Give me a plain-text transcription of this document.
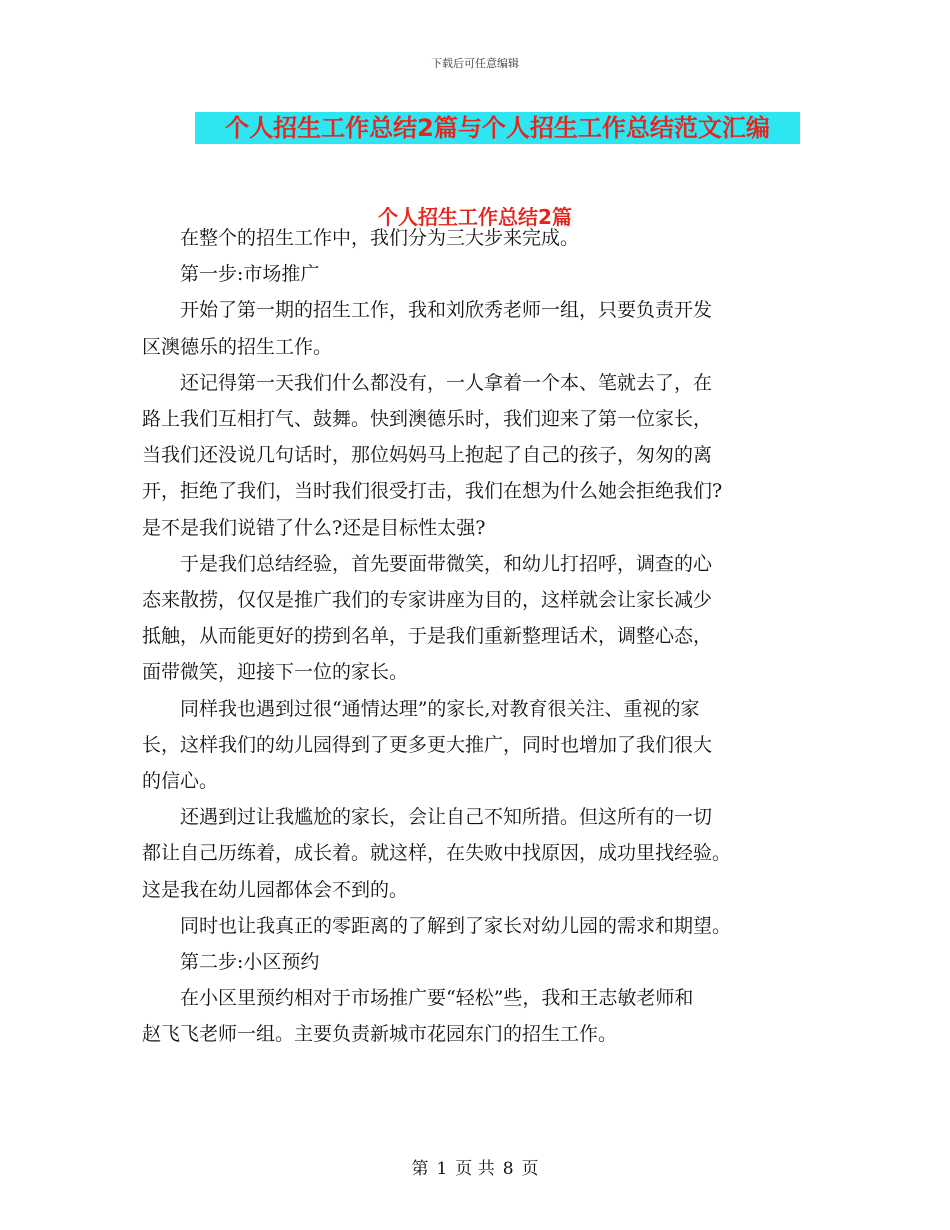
下载后可任意编辑
个人招生工作总结2篇与个人招生工作总结范文汇编
个人招生工作总结2篇

在整个的招生工作中，我们分为三大步来完成。

第一步:市场推广

开始了第一期的招生工作，我和刘欣秀老师一组，只要负责开发
区澳德乐的招生工作。

还记得第一天我们什么都没有，一人拿着一个本、笔就去了，在
路上我们互相打气、鼓舞。快到澳德乐时，我们迎来了第一位家长，
当我们还没说几句话时，那位妈妈马上抱起了自己的孩子，匆匆的离
开，拒绝了我们，当时我们很受打击，我们在想为什么她会拒绝我们?
是不是我们说错了什么?还是目标性太强?

于是我们总结经验，首先要面带微笑，和幼儿打招呼，调查的心
态来散捞，仅仅是推广我们的专家讲座为目的，这样就会让家长减少
抵触，从而能更好的捞到名单，于是我们重新整理话术，调整心态，
面带微笑，迎接下一位的家长。

同样我也遇到过很“通情达理”的家长,对教育很关注、重视的家
长，这样我们的幼儿园得到了更多更大推广，同时也增加了我们很大
的信心。

还遇到过让我尴尬的家长，会让自己不知所措。但这所有的一切
都让自己历练着，成长着。就这样，在失败中找原因，成功里找经验。
这是我在幼儿园都体会不到的。

同时也让我真正的零距离的了解到了家长对幼儿园的需求和期望。

第二步:小区预约

在小区里预约相对于市场推广要“轻松”些，我和王志敏老师和
赵飞飞老师一组。主要负责新城市花园东门的招生工作。

第 1 页 共 8 页
